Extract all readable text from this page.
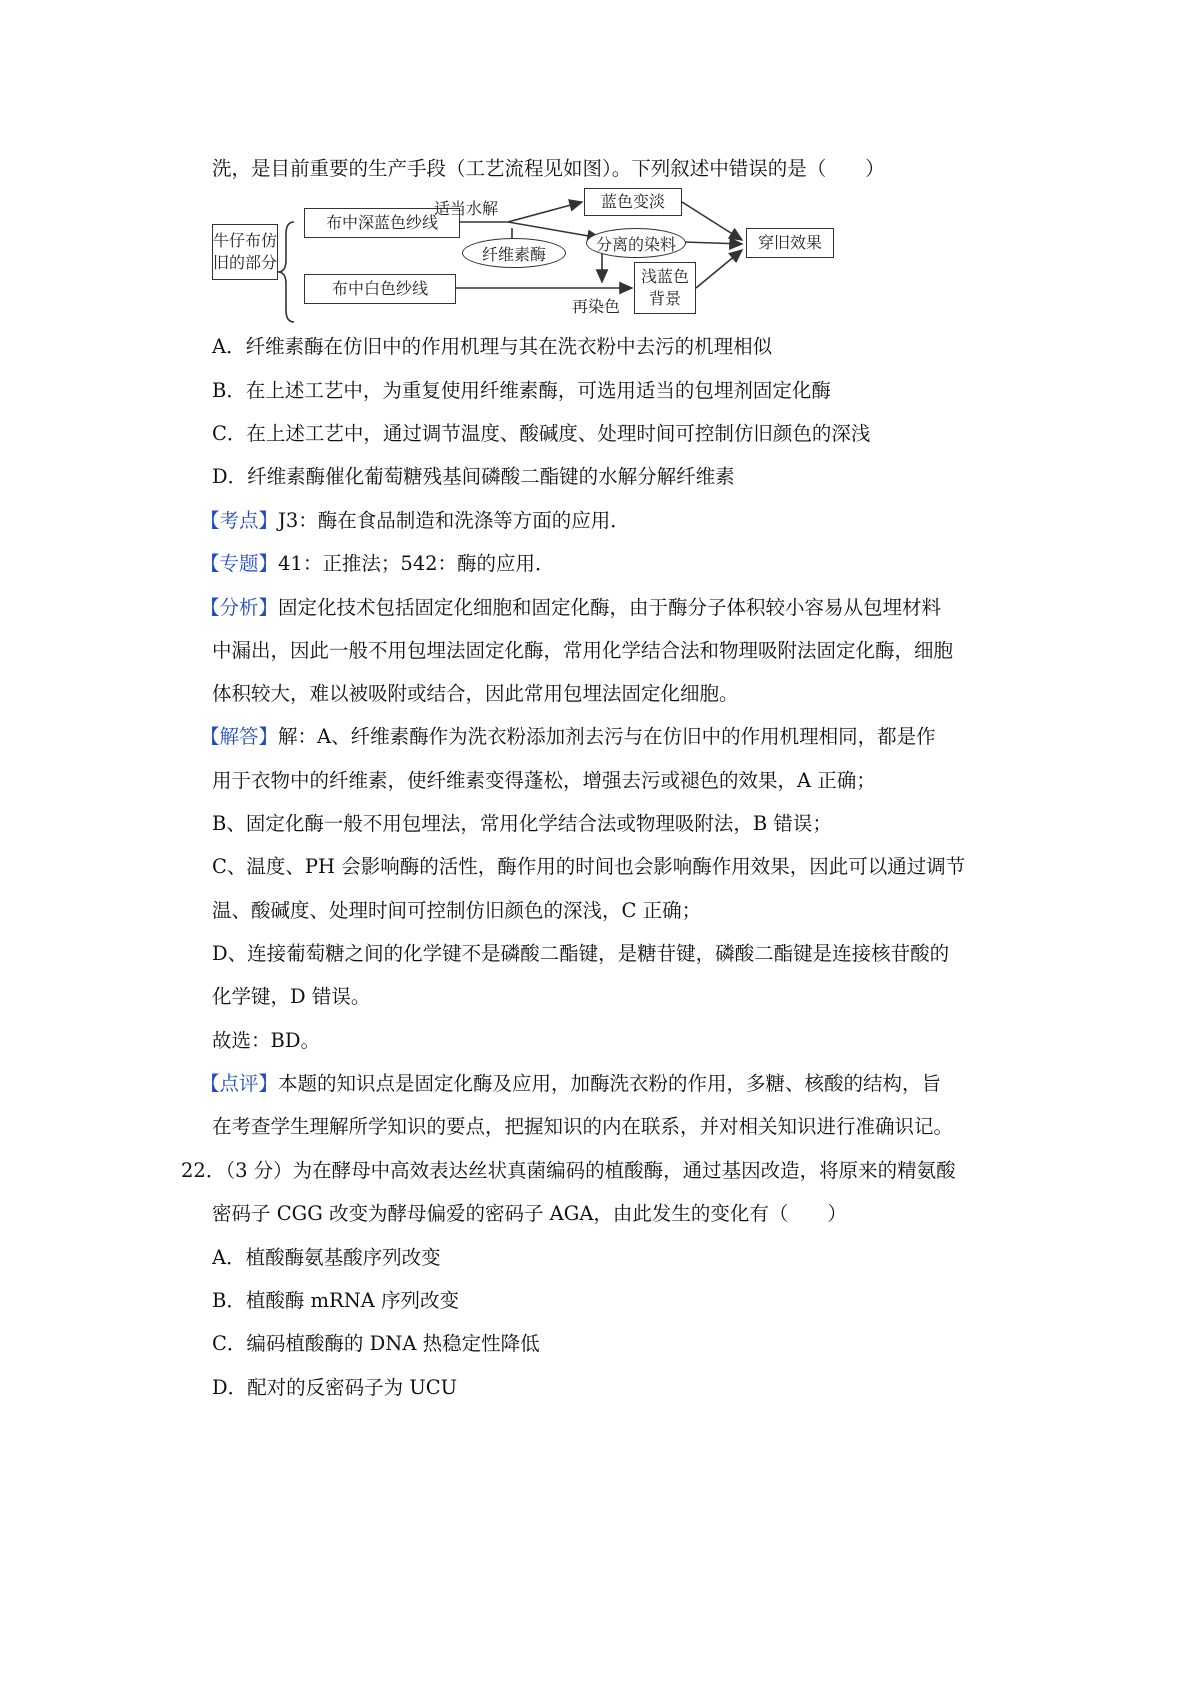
洗，是目前重要的生产手段（工艺流程见如图）。下列叙述中错误的是（　　）
牛仔布仿
旧的部分
布中深蓝色纱线
布中白色纱线
适当水解
纤维素酶
蓝色变淡
分离的染料
再染色
浅蓝色
背景
穿旧效果
A．纤维素酶在仿旧中的作用机理与其在洗衣粉中去污的机理相似
B．在上述工艺中，为重复使用纤维素酶，可选用适当的包埋剂固定化酶
C．在上述工艺中，通过调节温度、酸碱度、处理时间可控制仿旧颜色的深浅
D．纤维素酶催化葡萄糖残基间磷酸二酯键的水解分解纤维素
【考点】J3：酶在食品制造和洗涤等方面的应用．
【专题】41：正推法；542：酶的应用．
【分析】固定化技术包括固定化细胞和固定化酶，由于酶分子体积较小容易从包埋材料
中漏出，因此一般不用包埋法固定化酶，常用化学结合法和物理吸附法固定化酶，细胞
体积较大，难以被吸附或结合，因此常用包埋法固定化细胞。
【解答】解：A、纤维素酶作为洗衣粉添加剂去污与在仿旧中的作用机理相同，都是作
用于衣物中的纤维素，使纤维素变得蓬松，增强去污或褪色的效果，A 正确；
B、固定化酶一般不用包埋法，常用化学结合法或物理吸附法，B 错误；
C、温度、PH 会影响酶的活性，酶作用的时间也会影响酶作用效果，因此可以通过调节
温、酸碱度、处理时间可控制仿旧颜色的深浅，C 正确；
D、连接葡萄糖之间的化学键不是磷酸二酯键，是糖苷键，磷酸二酯键是连接核苷酸的
化学键，D 错误。
故选：BD。
【点评】本题的知识点是固定化酶及应用，加酶洗衣粉的作用，多糖、核酸的结构，旨
在考查学生理解所学知识的要点，把握知识的内在联系，并对相关知识进行准确识记。
22．（3 分）为在酵母中高效表达丝状真菌编码的植酸酶，通过基因改造，将原来的精氨酸
密码子 CGG 改变为酵母偏爱的密码子 AGA，由此发生的变化有（　　）
A．植酸酶氨基酸序列改变
B．植酸酶 mRNA 序列改变
C．编码植酸酶的 DNA 热稳定性降低
D．配对的反密码子为 UCU
